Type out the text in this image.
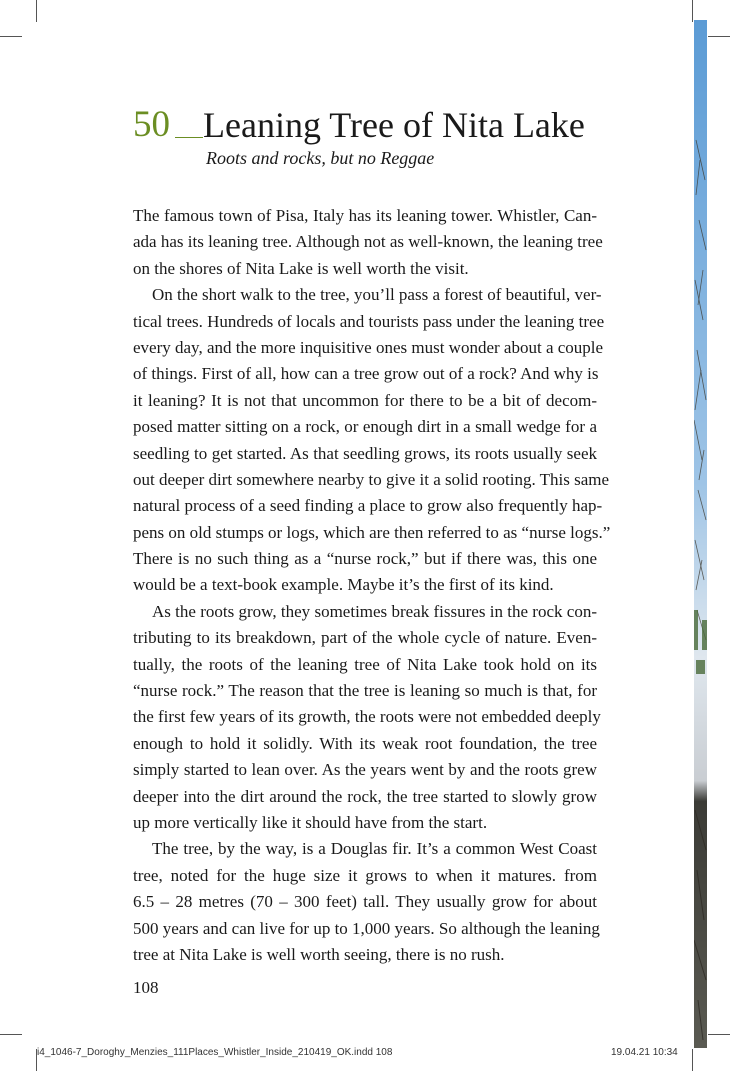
50 Leaning Tree of Nita Lake
Roots and rocks, but no Reggae
The famous town of Pisa, Italy has its leaning tower. Whistler, Can-
ada has its leaning tree. Although not as well-known, the leaning tree
on the shores of Nita Lake is well worth the visit.
On the short walk to the tree, you’ll pass a forest of beautiful, ver-
tical trees. Hundreds of locals and tourists pass under the leaning tree
every day, and the more inquisitive ones must wonder about a couple
of things. First of all, how can a tree grow out of a rock? And why is
it leaning? It is not that uncommon for there to be a bit of decom-
posed matter sitting on a rock, or enough dirt in a small wedge for a
seedling to get started. As that seedling grows, its roots usually seek
out deeper dirt somewhere nearby to give it a solid rooting. This same
natural process of a seed finding a place to grow also frequently hap-
pens on old stumps or logs, which are then referred to as “nurse logs.”
There is no such thing as a “nurse rock,” but if there was, this one
would be a text-book example. Maybe it’s the first of its kind.
As the roots grow, they sometimes break fissures in the rock con-
tributing to its breakdown, part of the whole cycle of nature. Even-
tually, the roots of the leaning tree of Nita Lake took hold on its
“nurse rock.” The reason that the tree is leaning so much is that, for
the first few years of its growth, the roots were not embedded deeply
enough to hold it solidly. With its weak root foundation, the tree
simply started to lean over. As the years went by and the roots grew
deeper into the dirt around the rock, the tree started to slowly grow
up more vertically like it should have from the start.
The tree, by the way, is a Douglas fir. It’s a common West Coast
tree, noted for the huge size it grows to when it matures. from
6.5 – 28 metres (70 – 300 feet) tall. They usually grow for about
500 years and can live for up to 1,000 years. So although the leaning
tree at Nita Lake is well worth seeing, there is no rush.
108
i4_1046-7_Doroghy_Menzies_111Places_Whistler_Inside_210419_OK.indd 108	19.04.21 10:34
